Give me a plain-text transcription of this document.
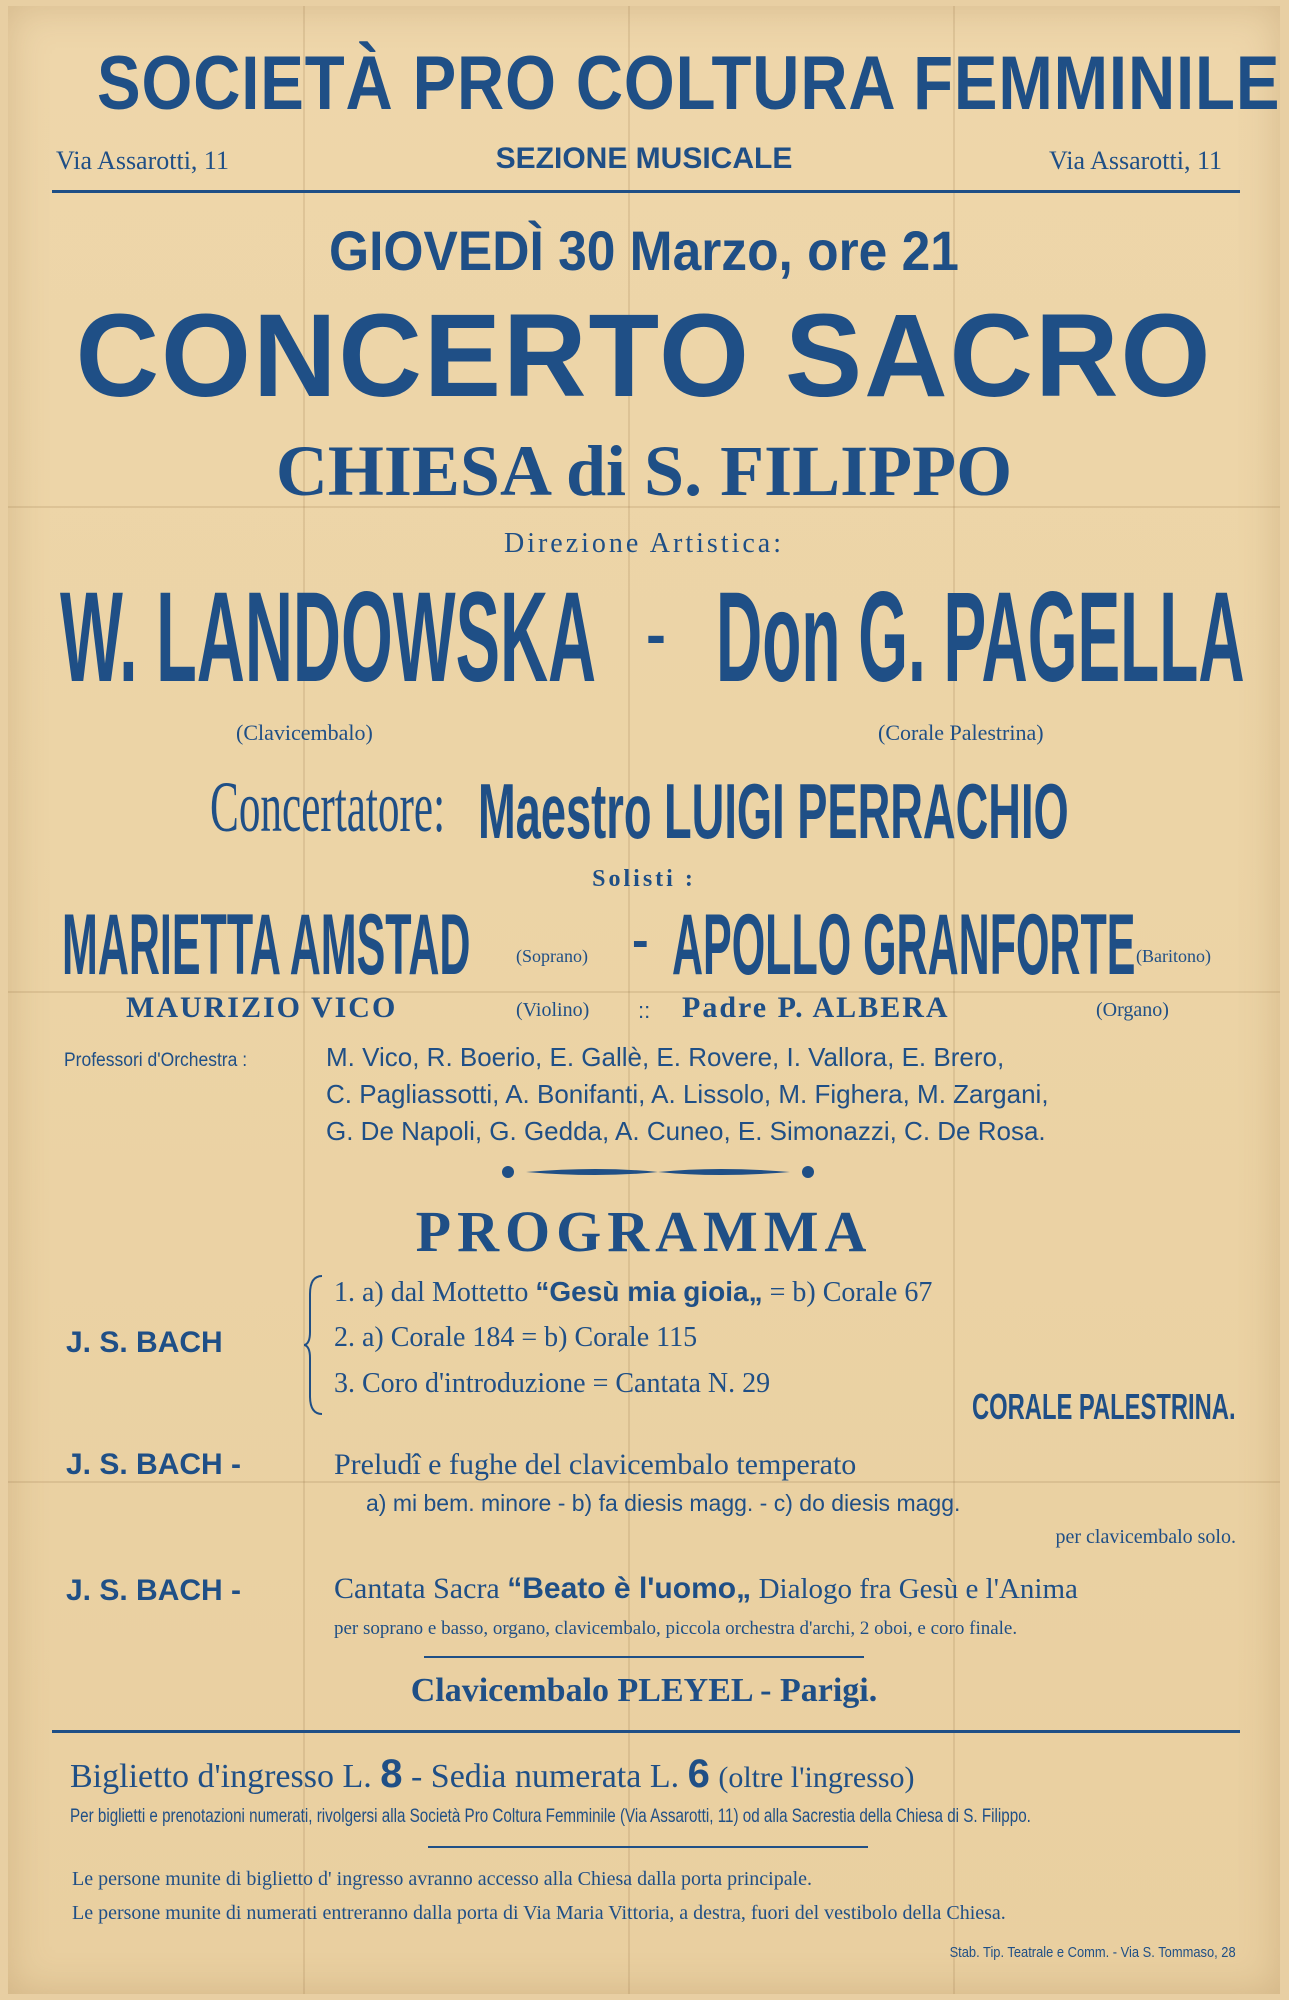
SOCIETÀ PRO COLTURA FEMMINILE
Via Assarotti, 11	SEZIONE MUSICALE	Via Assarotti, 11
GIOVEDÌ 30 Marzo, ore 21
CONCERTO SACRO
CHIESA di S. FILIPPO
Direzione Artistica:
W. LANDOWSKA - Don G. PAGELLA
(Clavicembalo)	(Corale Palestrina)
Concertatore: Maestro LUIGI PERRACHIO
Solisti :
MARIETTA AMSTAD	(Soprano) - APOLLO GRANFORTE (Baritono)
MAURIZIO VICO	(Violino) :: Padre P. ALBERA	(Organo)
Professori d'Orchestra :	M. Vico, R. Boerio, E. Gallè, E. Rovere, I. Vallora, E. Brero,
C. Pagliassotti, A. Bonifanti, A. Lissolo, M. Fighera, M. Zargani,
G. De Napoli, G. Gedda, A. Cuneo, E. Simonazzi, C. De Rosa.
PROGRAMMA
J. S. BACH
1. a) dal Mottetto “Gesù mia gioia„ = b) Corale 67
2. a) Corale 184 = b) Corale 115
3. Coro d'introduzione = Cantata N. 29
CORALE PALESTRINA.
J. S. BACH -	Preludî e fughe del clavicembalo temperato
a) mi bem. minore - b) fa diesis magg. - c) do diesis magg.
per clavicembalo solo.
J. S. BACH -	Cantata Sacra “Beato è l'uomo„ Dialogo fra Gesù e l'Anima
per soprano e basso, organo, clavicembalo, piccola orchestra d'archi, 2 oboi, e coro finale.
Clavicembalo PLEYEL - Parigi.
Biglietto d'ingresso L. 8 - Sedia numerata L. 6 (oltre l'ingresso)
Per biglietti e prenotazioni numerati, rivolgersi alla Società Pro Coltura Femminile (Via Assarotti, 11) od alla Sacrestia della Chiesa di S. Filippo.
Le persone munite di biglietto d' ingresso avranno accesso alla Chiesa dalla porta principale.
Le persone munite di numerati entreranno dalla porta di Via Maria Vittoria, a destra, fuori del vestibolo della Chiesa.
Stab. Tip. Teatrale e Comm. - Via S. Tommaso, 28
